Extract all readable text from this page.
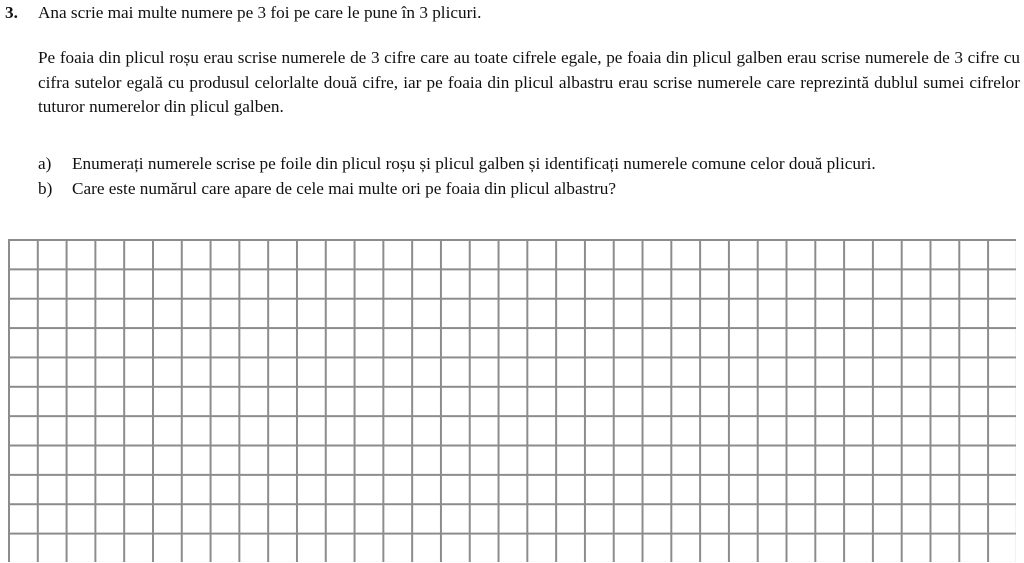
3. Ana scrie mai multe numere pe 3 foi pe care le pune în 3 plicuri.

Pe foaia din plicul roșu erau scrise numerele de 3 cifre care au toate cifrele egale, pe foaia din plicul galben erau scrise numerele de 3 cifre cu cifra sutelor egală cu produsul celorlalte două cifre, iar pe foaia din plicul albastru erau scrise numerele care reprezintă dublul sumei cifrelor tuturor numerelor din plicul galben.

a) Enumerați numerele scrise pe foile din plicul roșu și plicul galben și identificați numerele comune celor două plicuri.
b) Care este numărul care apare de cele mai multe ori pe foaia din plicul albastru?
